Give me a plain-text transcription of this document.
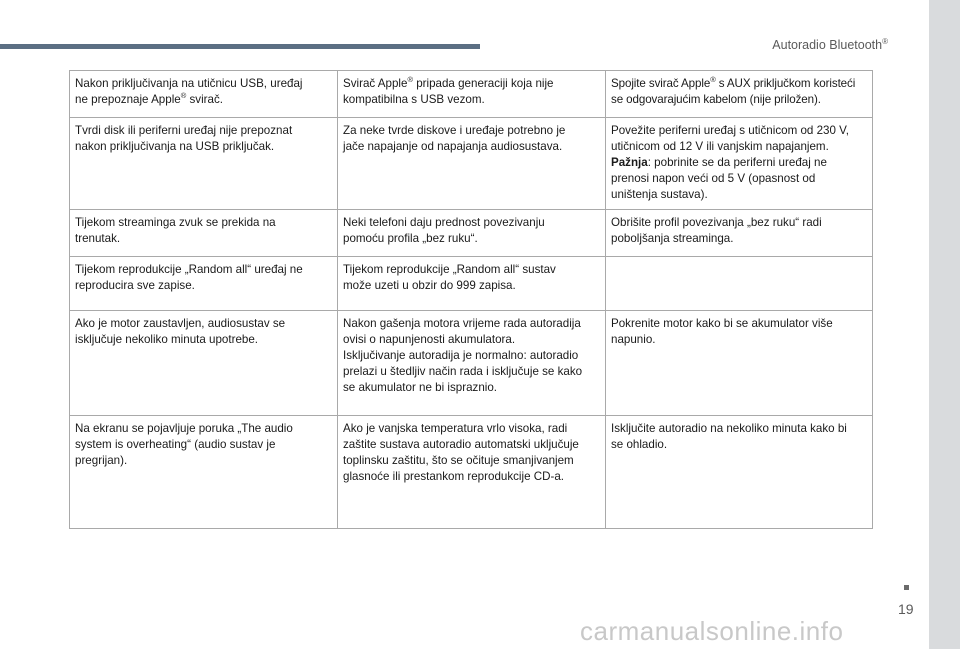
Autoradio Bluetooth®
Nakon priključivanja na utičnicu USB, uređaj
ne prepoznaje Apple® svirač.	Svirač Apple® pripada generaciji koja nije
kompatibilna s USB vezom.	Spojite svirač Apple® s AUX priključkom koristeći
se odgovarajućim kabelom (nije priložen).

Tvrdi disk ili periferni uređaj nije prepoznat
nakon priključivanja na USB priključak.	Za neke tvrde diskove i uređaje potrebno je
jače napajanje od napajanja audiosustava.	Povežite periferni uređaj s utičnicom od 230 V,
utičnicom od 12 V ili vanjskim napajanjem.
Pažnja: pobrinite se da periferni uređaj ne
prenosi napon veći od 5 V (opasnost od
uništenja sustava).

Tijekom streaminga zvuk se prekida na
trenutak.	Neki telefoni daju prednost povezivanju
pomoću profila „bez ruku“.	Obrišite profil povezivanja „bez ruku“ radi
poboljšanja streaminga.

Tijekom reprodukcije „Random all“ uređaj ne
reproducira sve zapise.	Tijekom reprodukcije „Random all“ sustav
može uzeti u obzir do 999 zapisa.	

Ako je motor zaustavljen, audiosustav se
isključuje nekoliko minuta upotrebe.	Nakon gašenja motora vrijeme rada autoradija
ovisi o napunjenosti akumulatora.
Isključivanje autoradija je normalno: autoradio
prelazi u štedljiv način rada i isključuje se kako
se akumulator ne bi ispraznio.	Pokrenite motor kako bi se akumulator više
napunio.

Na ekranu se pojavljuje poruka „The audio
system is overheating“ (audio sustav je
pregrijan).	Ako je vanjska temperatura vrlo visoka, radi
zaštite sustava autoradio automatski uključuje
toplinsku zaštitu, što se očituje smanjivanjem
glasnoće ili prestankom reprodukcije CD-a.	Isključite autoradio na nekoliko minuta kako bi
se ohladio.
19
carmanualsonline.info
